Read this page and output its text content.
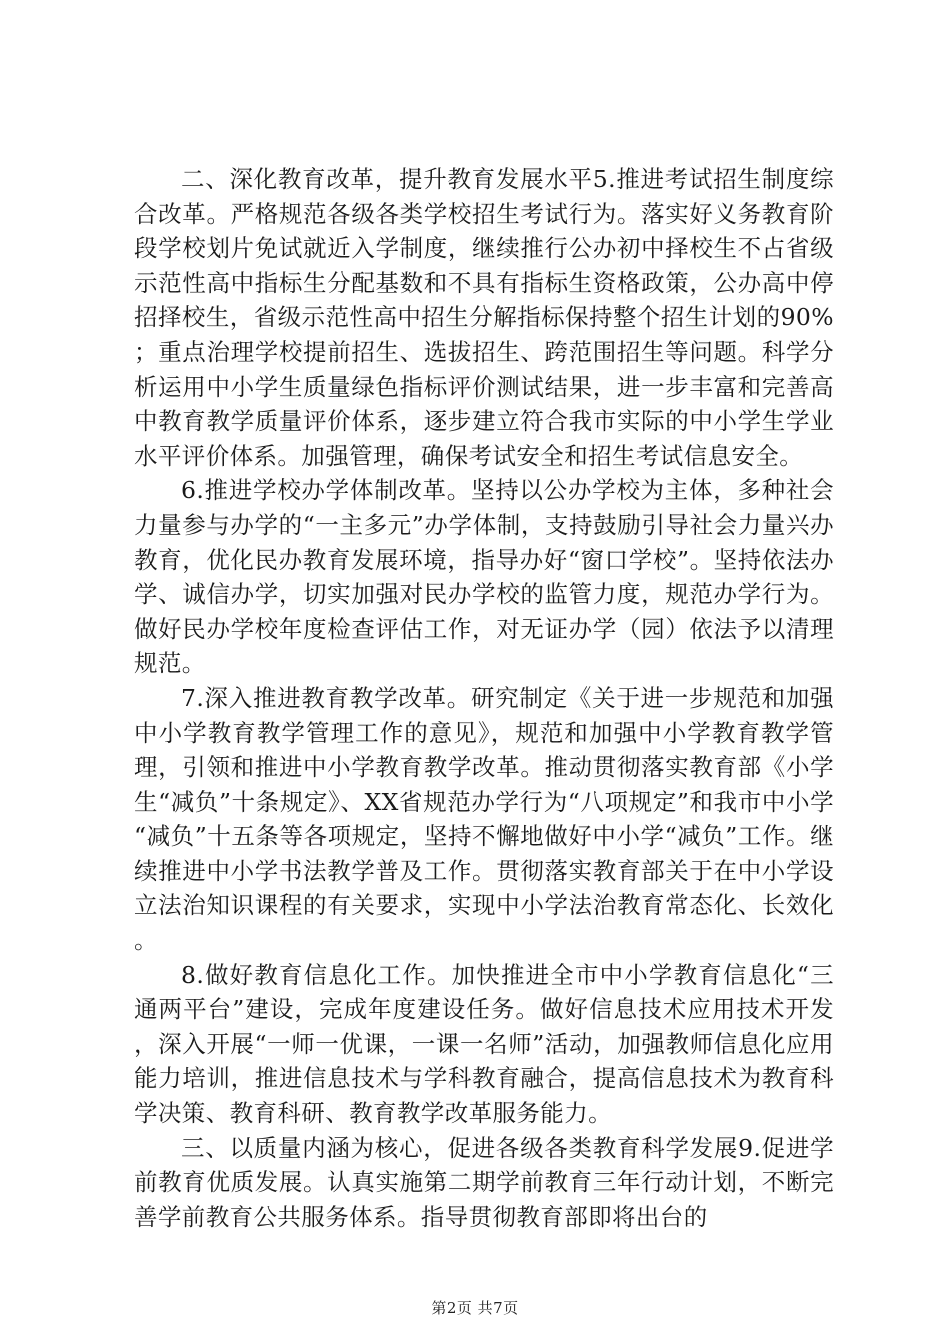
二、深化教育改革，提升教育发展水平5.推进考试招生制度综合改革。严格规范各级各类学校招生考试行为。落实好义务教育阶段学校划片免试就近入学制度，继续推行公办初中择校生不占省级示范性高中指标生分配基数和不具有指标生资格政策，公办高中停招择校生，省级示范性高中招生分解指标保持整个招生计划的90%；重点治理学校提前招生、选拔招生、跨范围招生等问题。科学分析运用中小学生质量绿色指标评价测试结果，进一步丰富和完善高中教育教学质量评价体系，逐步建立符合我市实际的中小学生学业水平评价体系。加强管理，确保考试安全和招生考试信息安全。

6.推进学校办学体制改革。坚持以公办学校为主体，多种社会力量参与办学的“一主多元”办学体制，支持鼓励引导社会力量兴办教育，优化民办教育发展环境，指导办好“窗口学校”。坚持依法办学、诚信办学，切实加强对民办学校的监管力度，规范办学行为。做好民办学校年度检查评估工作，对无证办学（园）依法予以清理规范。

7.深入推进教育教学改革。研究制定《关于进一步规范和加强中小学教育教学管理工作的意见》，规范和加强中小学教育教学管理，引领和推进中小学教育教学改革。推动贯彻落实教育部《小学生“减负”十条规定》、XX省规范办学行为“八项规定”和我市中小学“减负”十五条等各项规定，坚持不懈地做好中小学“减负”工作。继续推进中小学书法教学普及工作。贯彻落实教育部关于在中小学设立法治知识课程的有关要求，实现中小学法治教育常态化、长效化。

8.做好教育信息化工作。加快推进全市中小学教育信息化“三通两平台”建设，完成年度建设任务。做好信息技术应用技术开发，深入开展“一师一优课，一课一名师”活动，加强教师信息化应用能力培训，推进信息技术与学科教育融合，提高信息技术为教育科学决策、教育科研、教育教学改革服务能力。

三、以质量内涵为核心，促进各级各类教育科学发展9.促进学前教育优质发展。认真实施第二期学前教育三年行动计划，不断完善学前教育公共服务体系。指导贯彻教育部即将出台的

第2页 共7页
